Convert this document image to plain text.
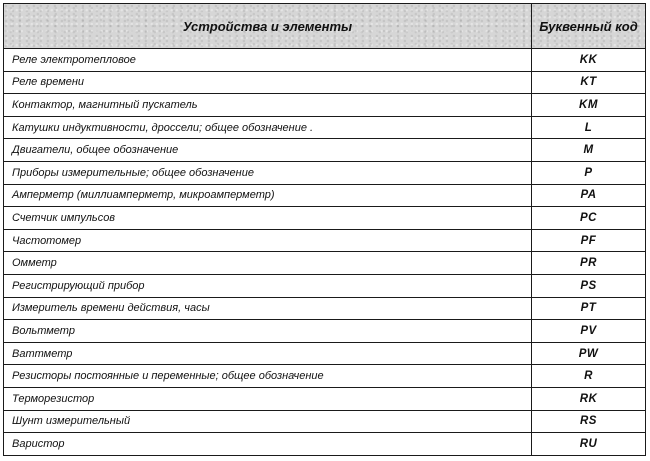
Устройства и элементы	Буквенный код
Реле электротепловое	KK
Реле времени	KT
Контактор, магнитный пускатель	KM
Катушки индуктивности, дроссели; общее обозначение .	L
Двигатели, общее обозначение	M
Приборы измерительные; общее обозначение	P
Амперметр (миллиамперметр, микроамперметр)	PA
Счетчик импульсов	PC
Частотомер	PF
Омметр	PR
Регистрирующий прибор	PS
Измеритель времени действия, часы	PT
Вольтметр	PV
Ваттметр	PW
Резисторы постоянные и переменные; общее обозначение	R
Терморезистор	RK
Шунт измерительный	RS
Варистор	RU
